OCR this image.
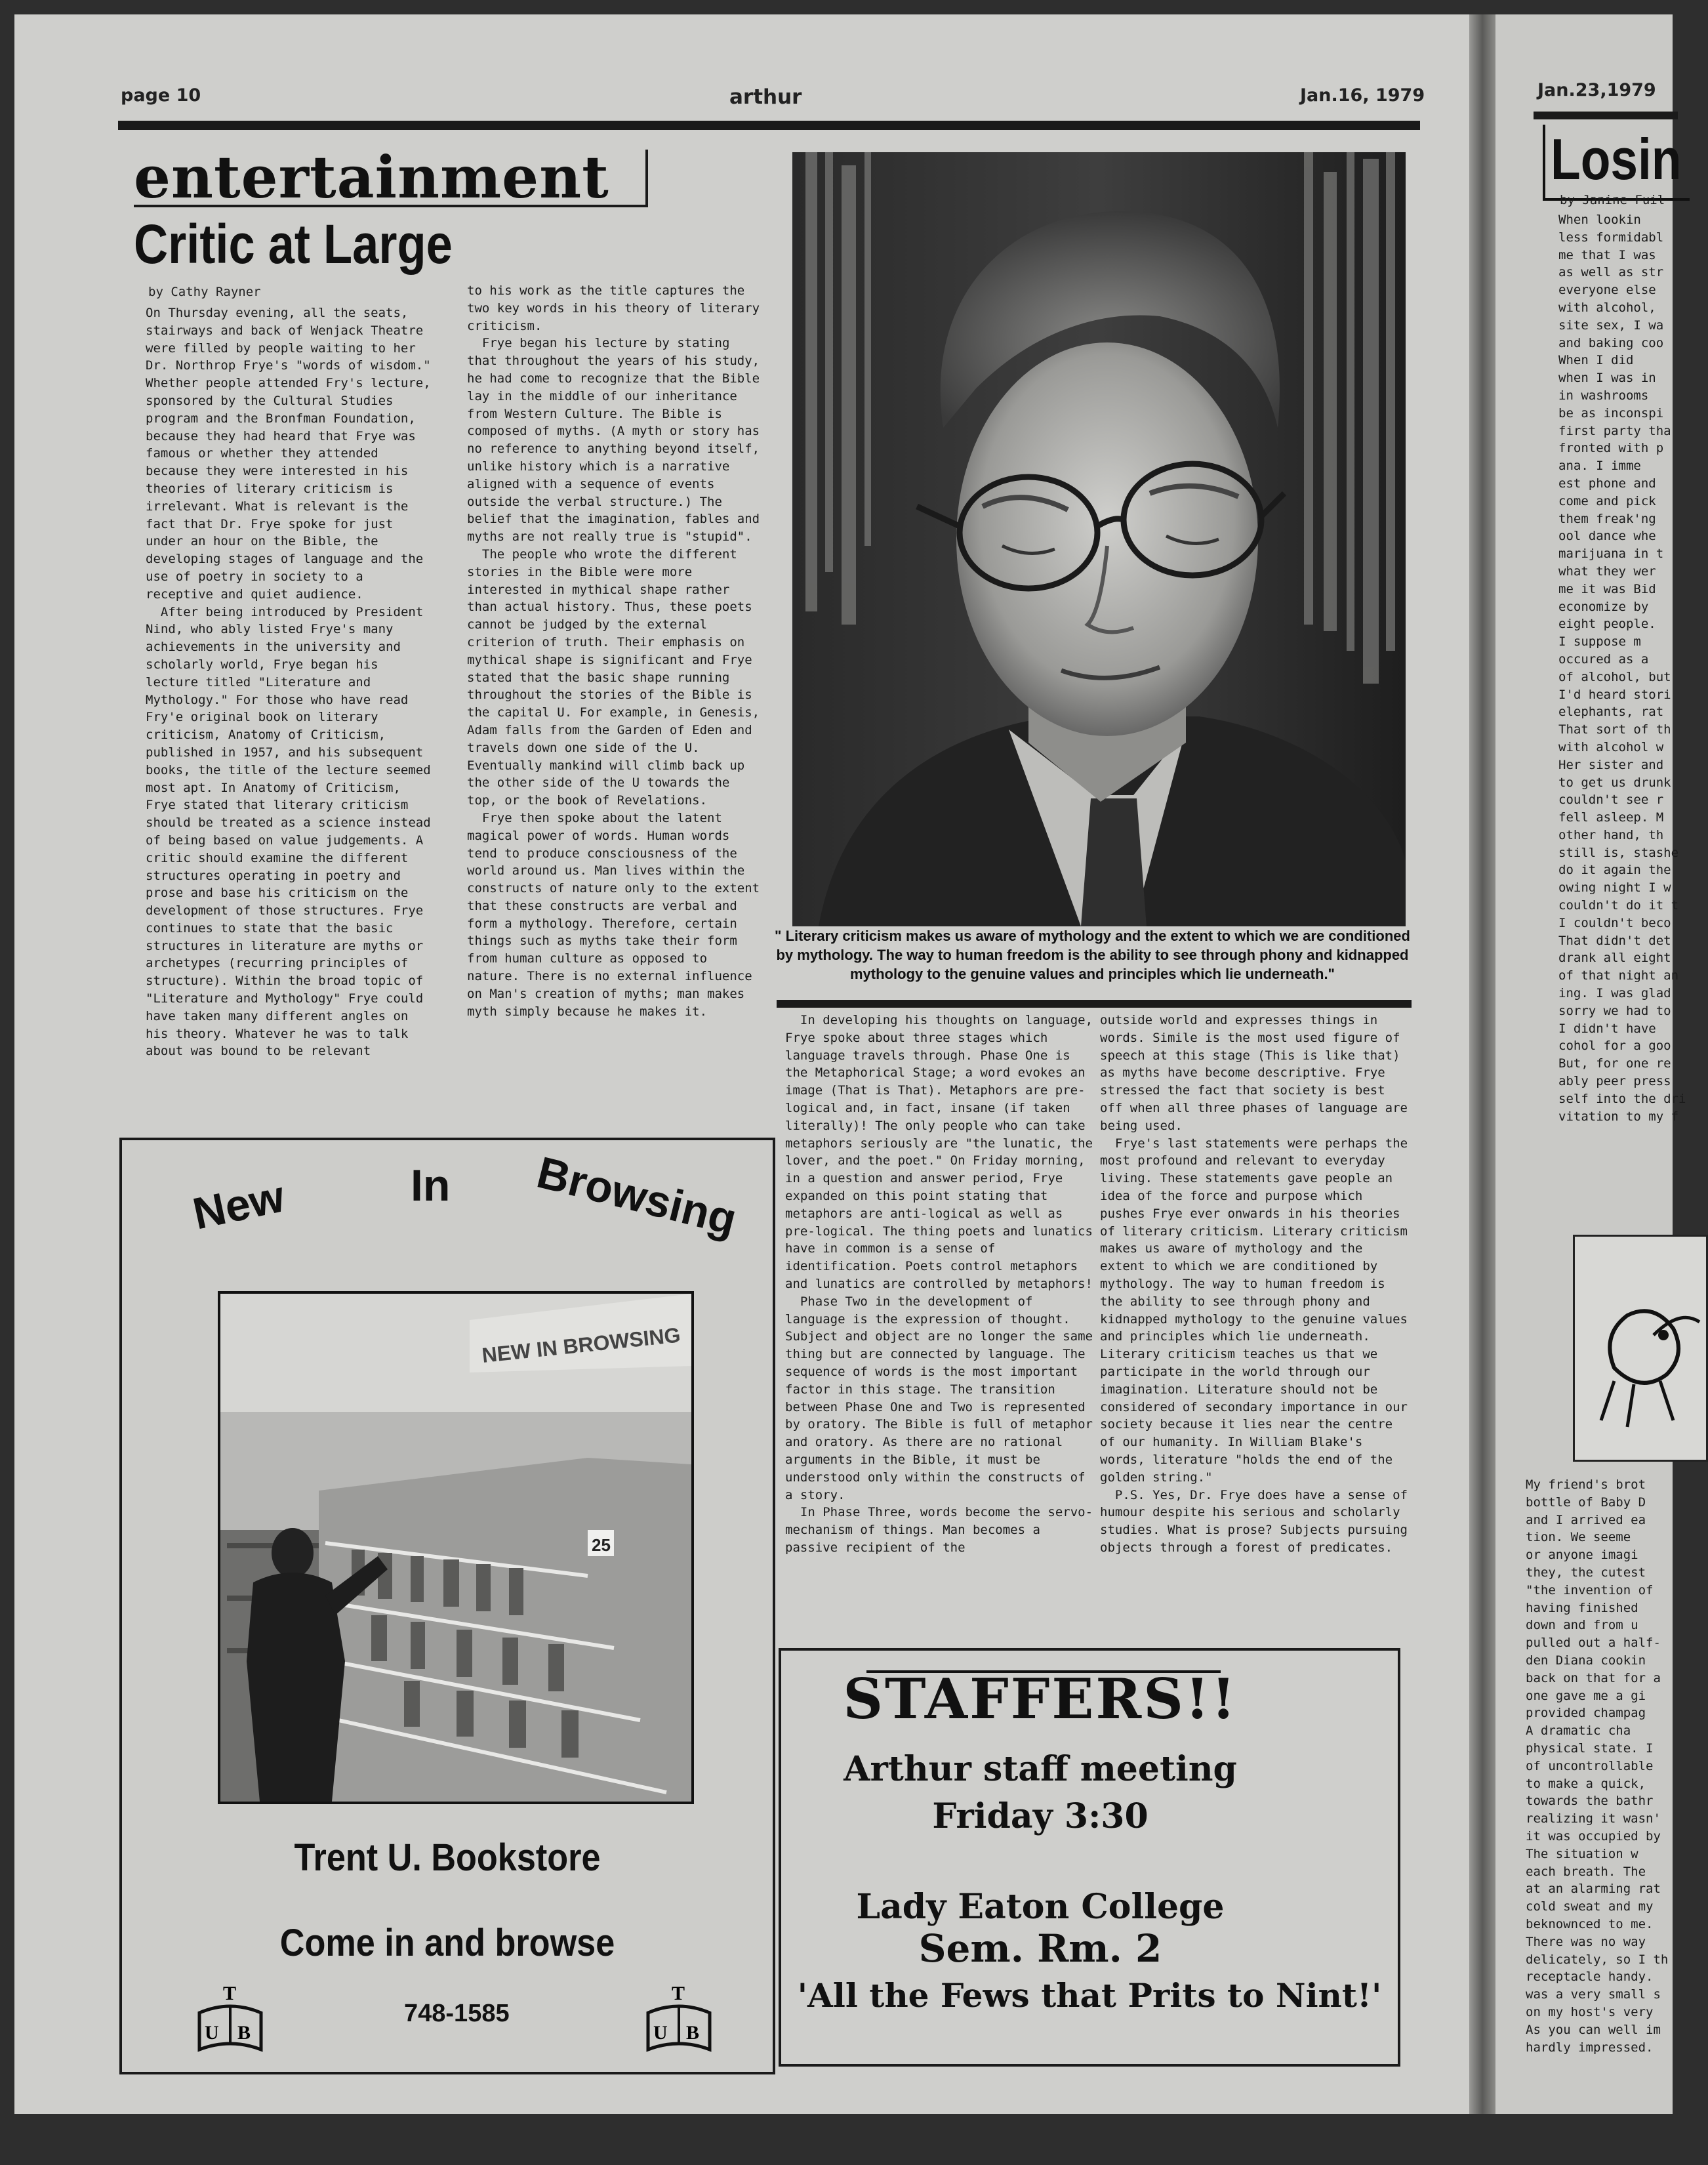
page 10	arthur	Jan.16, 1979
entertainment
Critic at Large
by Cathy Rayner
On Thursday evening, all the seats, stairways and back of Wenjack Theatre were filled by people waiting to her Dr. Northrop Frye's "words of wisdom." Whether people attended Fry's lecture, sponsored by the Cultural Studies program and the Bronfman Foundation, because they had heard that Frye was famous or whether they attended because they were interested in his theories of literary criticism is irrelevant. What is relevant is the fact that Dr. Frye spoke for just under an hour on the Bible, the developing stages of language and the use of poetry in society to a receptive and quiet audience.
After being introduced by President Nind, who ably listed Frye's many achievements in the university and scholarly world, Frye began his lecture titled "Literature and Mythology." For those who have read Fry'e original book on literary criticism, Anatomy of Criticism, published in 1957, and his subsequent books, the title of the lecture seemed most apt. In Anatomy of Criticism, Frye stated that literary criticism should be treated as a science instead of being based on value judgements. A critic should examine the different structures operating in poetry and prose and base his criticism on the development of those structures. Frye continues to state that the basic structures in literature are myths or archetypes (recurring principles of structure). Within the broad topic of "Literature and Mythology" Frye could have taken many different angles on his theory. Whatever he was to talk about was bound to be relevant
to his work as the title captures the two key words in his theory of literary criticism.
Frye began his lecture by stating that throughout the years of his study, he had come to recognize that the Bible lay in the middle of our inheritance from Western Culture. The Bible is composed of myths. (A myth or story has no reference to anything beyond itself, unlike history which is a narrative aligned with a sequence of events outside the verbal structure.) The belief that the imagination, fables and myths are not really true is "stupid".
The people who wrote the different stories in the Bible were more interested in mythical shape rather than actual history. Thus, these poets cannot be judged by the external criterion of truth. Their emphasis on mythical shape is significant and Frye stated that the basic shape running throughout the stories of the Bible is the capital U. For example, in Genesis, Adam falls from the Garden of Eden and travels down one side of the U. Eventually mankind will climb back up the other side of the U towards the top, or the book of Revelations.
Frye then spoke about the latent magical power of words. Human words tend to produce consciousness of the world around us. Man lives within the constructs of nature only to the extent that these constructs are verbal and form a mythology. Therefore, certain things such as myths take their form from human culture as opposed to nature. There is no external influence on Man's creation of myths; man makes myth simply because he makes it.
" Literary criticism makes us aware of mythology and the extent to which we are conditioned by mythology. The way to human freedom is the ability to see through phony and kidnapped mythology to the genuine values and principles which lie underneath."
In developing his thoughts on language, Frye spoke about three stages which language travels through. Phase One is the Metaphorical Stage; a word evokes an image (That is That). Metaphors are pre-logical and, in fact, insane (if taken literally)! The only people who can take metaphors seriously are "the lunatic, the lover, and the poet." On Friday morning, in a question and answer period, Frye expanded on this point stating that metaphors are anti-logical as well as pre-logical. The thing poets and lunatics have in common is a sense of identification. Poets control metaphors and lunatics are controlled by metaphors!
Phase Two in the development of language is the expression of thought. Subject and object are no longer the same thing but are connected by language. The sequence of words is the most important factor in this stage. The transition between Phase One and Two is represented by oratory. The Bible is full of metaphor and oratory. As there are no rational arguments in the Bible, it must be understood only within the constructs of a story.
In Phase Three, words become the servo-mechanism of things. Man becomes a passive recipient of the
outside world and expresses things in words. Simile is the most used figure of speech at this stage (This is like that) as myths have become descriptive. Frye stressed the fact that society is best off when all three phases of language are being used.
Frye's last statements were perhaps the most profound and relevant to everyday living. These statements gave people an idea of the force and purpose which pushes Frye ever onwards in his theories of literary criticism. Literary criticism makes us aware of mythology and the extent to which we are conditioned by mythology. The way to human freedom is the ability to see through phony and kidnapped mythology to the genuine values and principles which lie underneath. Literary criticism teaches us that we participate in the world through our imagination. Literature should not be considered of secondary importance in our society because it lies near the centre of our humanity. In William Blake's words, literature "holds the end of the golden string."
P.S. Yes, Dr. Frye does have a sense of humour despite his serious and scholarly studies. What is prose? Subjects pursuing objects through a forest of predicates.
New	In Browsing
NEW IN BROWSING
25
Trent U. Bookstore
Come in and browse
T
U B
748-1585
T
U B
STAFFERS!!
Arthur staff meeting
Friday 3:30
Lady Eaton College
Sem. Rm. 2
'All the Fews that Prits to Nint!'
Jan.23,1979
Losin
by Janine Fuil
When lookin
less formidabl
me that I was
as well as str
everyone else
with alcohol,
site sex, I wa
and baking coo
When I did
when I was in
in washrooms
be as inconspi
first party tha
fronted with p
ana. I imme
est phone and
come and pick
them freak'ng
ool dance whe
marijuana in t
what they wer
me it was Bid
economize by
eight people.
I suppose m
occured as a
of alcohol, but
I'd heard stori
elephants, rat
That sort of th
with alcohol w
Her sister and
to get us drunk
couldn't see r
fell asleep. M
other hand, th
still is, stashe
do it again the
owing night I w
couldn't do it t
I couldn't beco
That didn't det
drank all eight
of that night an
ing. I was glad
sorry we had to
I didn't have
cohol for a goo
But, for one re
ably peer press
self into the dri
vitation to my f
My friend's brot
bottle of Baby D
and I arrived ea
tion. We seeme
or anyone imagi
they, the cutest
"the invention of
having finished
down and from u
pulled out a half-
den Diana cookin
back on that for a
one gave me a gi
provided champag
A dramatic cha
physical state. I
of uncontrollable
to make a quick,
towards the bathr
realizing it wasn'
it was occupied by
The situation w
each breath. The
at an alarming rat
cold sweat and my
beknownced to me.
There was no way
delicately, so I th
receptacle handy.
was a very small s
on my host's very
As you can well im
hardly impressed.
